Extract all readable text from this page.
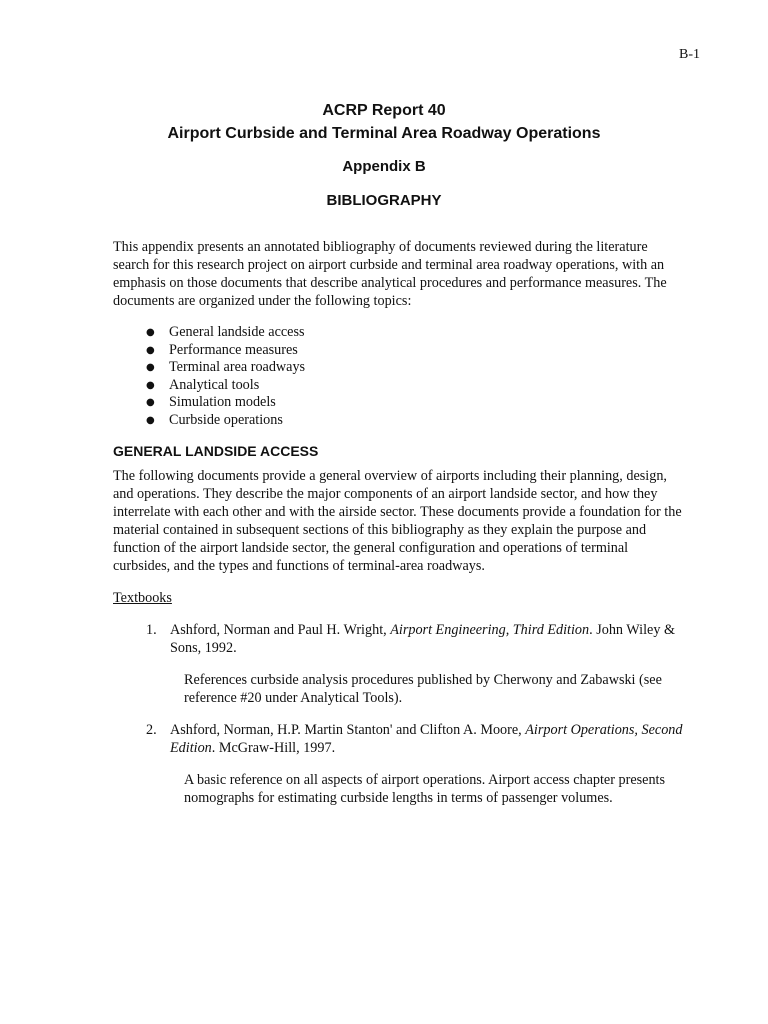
B-1

ACRP Report 40

Airport Curbside and Terminal Area Roadway Operations

Appendix B

BIBLIOGRAPHY

This appendix presents an annotated bibliography of documents reviewed during the literature search for this research project on airport curbside and terminal area roadway operations, with an emphasis on those documents that describe analytical procedures and performance measures. The documents are organized under the following topics:

● General landside access
● Performance measures
● Terminal area roadways
● Analytical tools
● Simulation models
● Curbside operations

GENERAL LANDSIDE ACCESS

The following documents provide a general overview of airports including their planning, design, and operations. They describe the major components of an airport landside sector, and how they interrelate with each other and with the airside sector. These documents provide a foundation for the material contained in subsequent sections of this bibliography as they explain the purpose and function of the airport landside sector, the general configuration and operations of terminal curbsides, and the types and functions of terminal-area roadways.

Textbooks

1. Ashford, Norman and Paul H. Wright, Airport Engineering, Third Edition. John Wiley & Sons, 1992.

References curbside analysis procedures published by Cherwony and Zabawski (see reference #20 under Analytical Tools).

2. Ashford, Norman, H.P. Martin Stanton' and Clifton A. Moore, Airport Operations, Second Edition. McGraw-Hill, 1997.

A basic reference on all aspects of airport operations. Airport access chapter presents nomographs for estimating curbside lengths in terms of passenger volumes.
